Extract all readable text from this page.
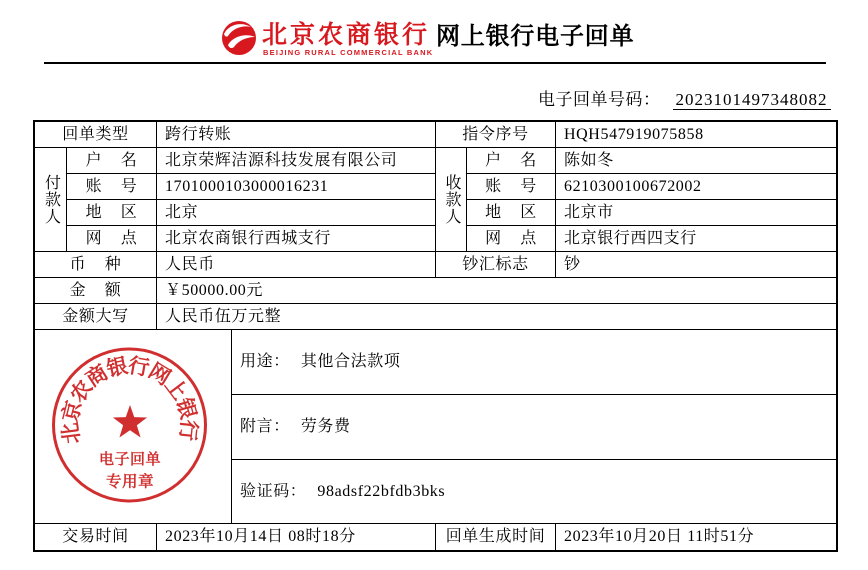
北京农商银行
BEIJING RURAL COMMERCIAL BANK
网上银行电子回单
电子回单号码： 2023101497348082
回单类型	跨行转账	指令序号	HQH547919075858
付款人
户 名	北京荣辉洁源科技发展有限公司
账 号	1701000103000016231
地 区	北京
网 点	北京农商银行西城支行
收款人
户 名	陈如冬
账 号	6210300100672002
地 区	北京市
网 点	北京银行西四支行
币 种	人民币	钞汇标志	钞
金 额	￥50000.00元
金额大写	人民币伍万元整
北京农商银行网上银行
电子回单
专用章
用途： 其他合法款项
附言： 劳务费
验证码： 98adsf22bfdb3bks
交易时间	2023年10月14日 08时18分	回单生成时间	2023年10月20日 11时51分
